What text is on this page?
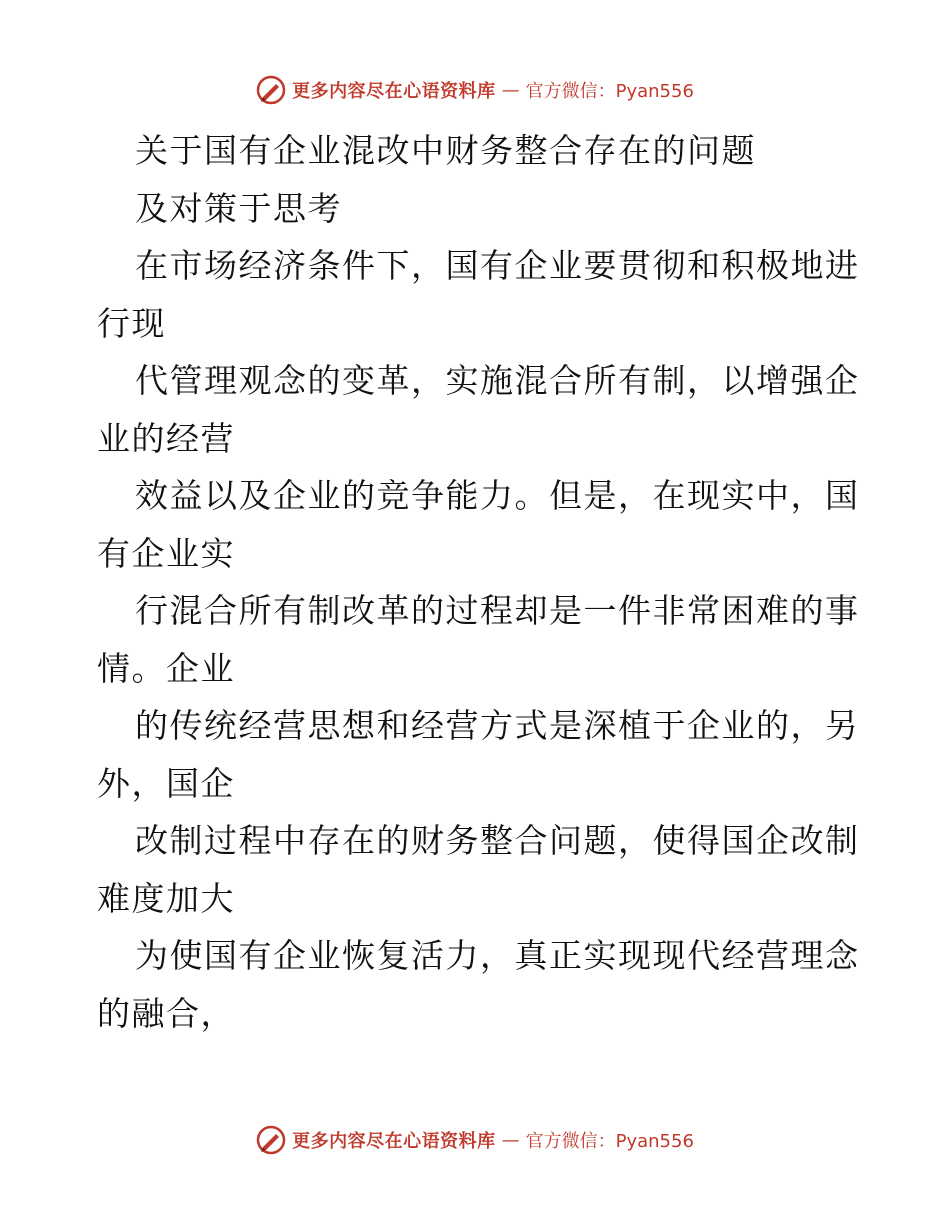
更多内容尽在心语资料库 — 官方微信：Pyan556
关于国有企业混改中财务整合存在的问题
及对策于思考
在市场经济条件下，国有企业要贯彻和积极地进
行现
代管理观念的变革，实施混合所有制，以增强企
业的经营
效益以及企业的竞争能力。但是，在现实中，国
有企业实
行混合所有制改革的过程却是一件非常困难的事
情。企业
的传统经营思想和经营方式是深植于企业的，另
外，国企
改制过程中存在的财务整合问题，使得国企改制
难度加大
为使国有企业恢复活力，真正实现现代经营理念
的融合，
更多内容尽在心语资料库 — 官方微信：Pyan556
